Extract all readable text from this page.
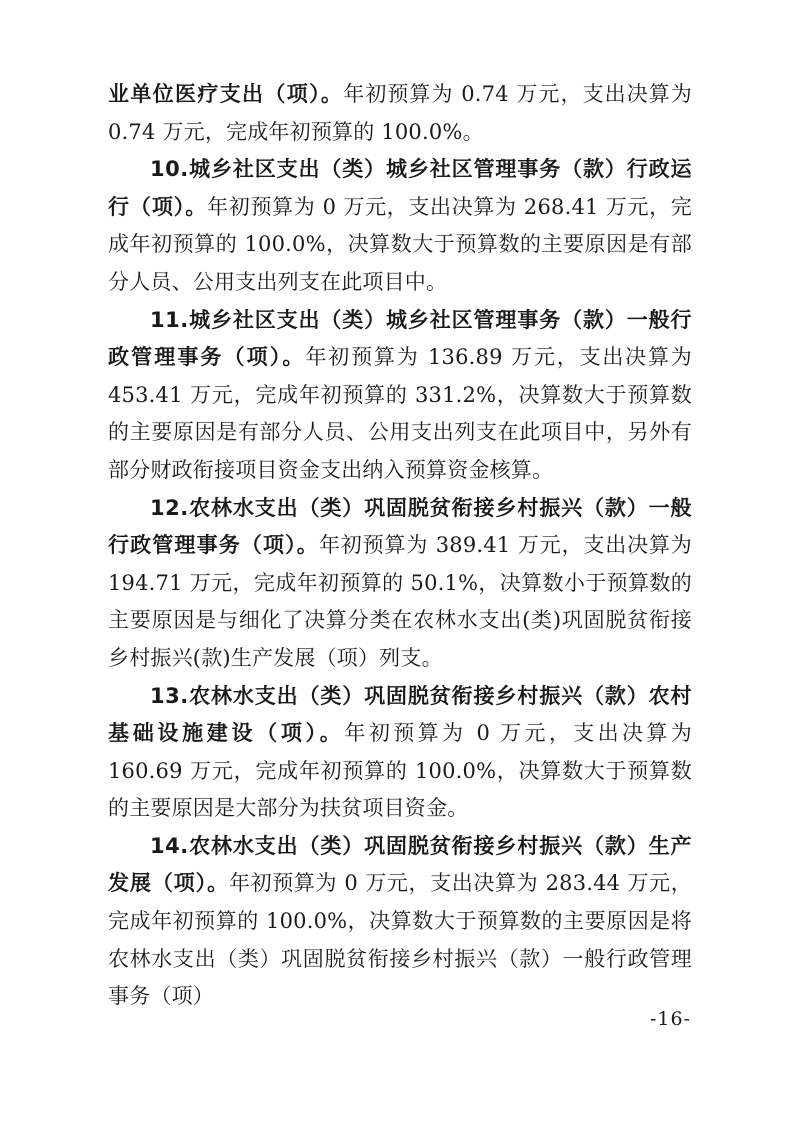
业单位医疗支出（项）。年初预算为 0.74 万元，支出决算为 0.74 万元，完成年初预算的 100.0%。

10.城乡社区支出（类）城乡社区管理事务（款）行政运行（项）。年初预算为 0 万元，支出决算为 268.41 万元，完成年初预算的 100.0%，决算数大于预算数的主要原因是有部分人员、公用支出列支在此项目中。

11.城乡社区支出（类）城乡社区管理事务（款）一般行政管理事务（项）。年初预算为 136.89 万元，支出决算为 453.41 万元，完成年初预算的 331.2%，决算数大于预算数的主要原因是有部分人员、公用支出列支在此项目中，另外有部分财政衔接项目资金支出纳入预算资金核算。

12.农林水支出（类）巩固脱贫衔接乡村振兴（款）一般行政管理事务（项）。年初预算为 389.41 万元，支出决算为 194.71 万元，完成年初预算的 50.1%，决算数小于预算数的主要原因是与细化了决算分类在农林水支出(类)巩固脱贫衔接乡村振兴(款)生产发展（项）列支。

13.农林水支出（类）巩固脱贫衔接乡村振兴（款）农村基础设施建设（项）。年初预算为 0 万元，支出决算为 160.69 万元，完成年初预算的 100.0%，决算数大于预算数的主要原因是大部分为扶贫项目资金。

14.农林水支出（类）巩固脱贫衔接乡村振兴（款）生产发展（项）。年初预算为 0 万元，支出决算为 283.44 万元，完成年初预算的 100.0%，决算数大于预算数的主要原因是将农林水支出（类）巩固脱贫衔接乡村振兴（款）一般行政管理事务（项）

-16-
